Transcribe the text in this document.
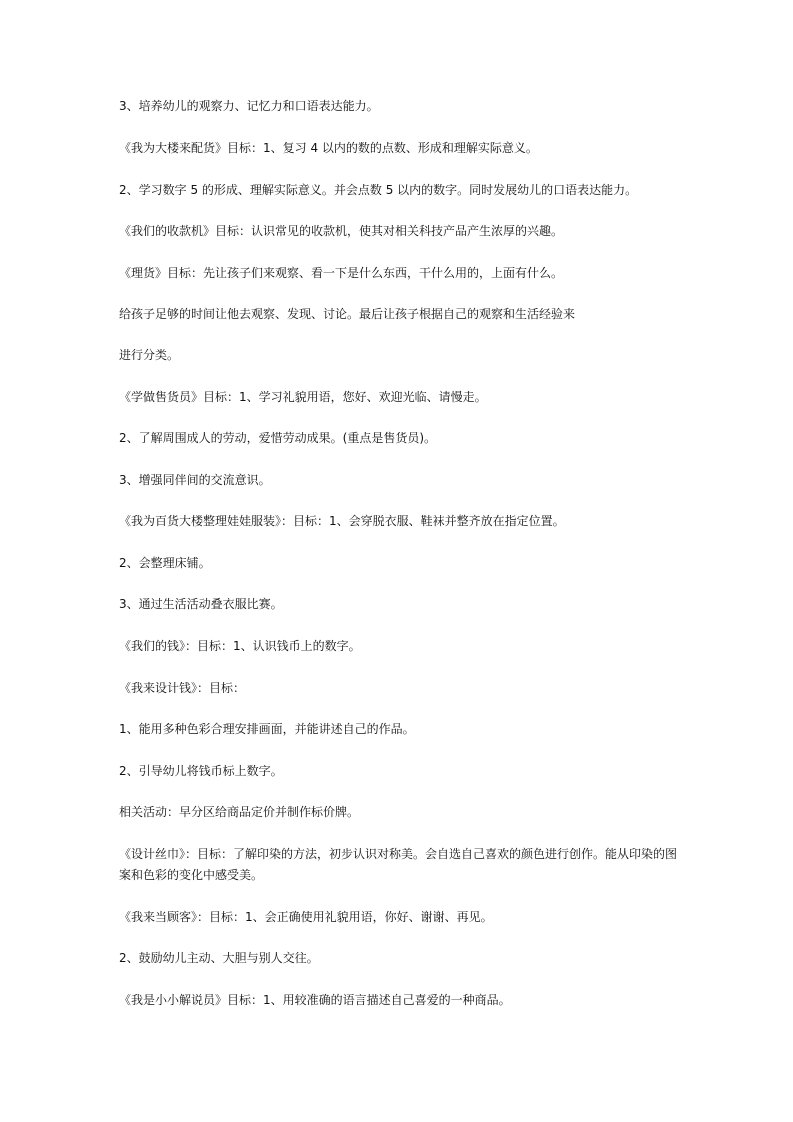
3、培养幼儿的观察力、记忆力和口语表达能力。

《我为大楼来配货》目标：1、复习 4 以内的数的点数、形成和理解实际意义。

2、学习数字 5 的形成、理解实际意义。并会点数 5 以内的数字。同时发展幼儿的口语表达能力。

《我们的收款机》目标：认识常见的收款机，使其对相关科技产品产生浓厚的兴趣。

《理货》目标：先让孩子们来观察、看一下是什么东西，干什么用的，上面有什么。

给孩子足够的时间让他去观察、发现、讨论。最后让孩子根据自己的观察和生活经验来

进行分类。

《学做售货员》目标：1、学习礼貌用语，您好、欢迎光临、请慢走。

2、了解周围成人的劳动，爱惜劳动成果。(重点是售货员)。

3、增强同伴间的交流意识。

《我为百货大楼整理娃娃服装》：目标：1、会穿脱衣服、鞋袜并整齐放在指定位置。

2、会整理床铺。

3、通过生活活动叠衣服比赛。

《我们的钱》：目标：1、认识钱币上的数字。

《我来设计钱》：目标：

1、能用多种色彩合理安排画面，并能讲述自己的作品。

2、引导幼儿将钱币标上数字。

相关活动：早分区给商品定价并制作标价牌。

《设计丝巾》：目标：了解印染的方法，初步认识对称美。会自选自己喜欢的颜色进行创作。能从印染的图案和色彩的变化中感受美。

《我来当顾客》：目标：1、会正确使用礼貌用语，你好、谢谢、再见。

2、鼓励幼儿主动、大胆与别人交往。

《我是小小解说员》目标：1、用较准确的语言描述自己喜爱的一种商品。
